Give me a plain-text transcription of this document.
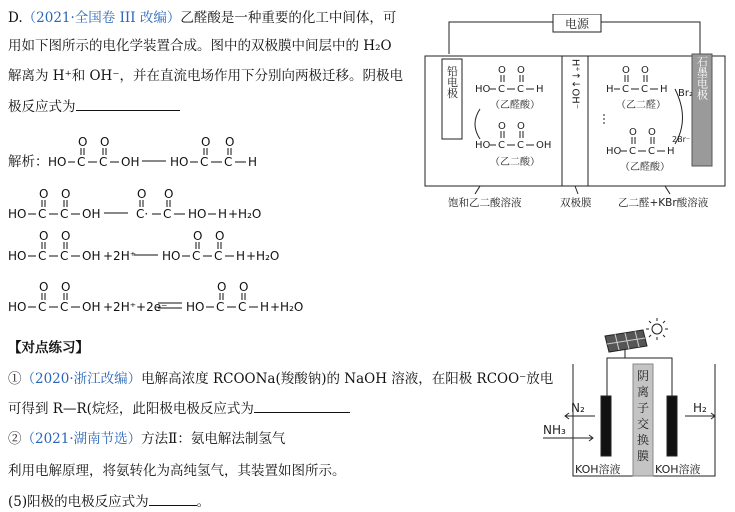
D.（2021·全国卷 III 改编）乙醛酸是一种重要的化工中间体，可
用如下图所示的电化学装置合成。图中的双极膜中间层中的 H₂O
解离为 H⁺和 OH⁻，并在直流电场作用下分别向两极迁移。阴极电
极反应式为
解析： HO C
O
C
O
OH	HO C
O
C
O
H
HO C
O
C
O
OH	C·
O
C
O
HO H +H₂O
HO C
O
C
O
OH +2H⁺ HO C
O
C
O
H +H₂O
HO C
O
C
O
OH +2H⁺+2e⁻ HO C
O
C
O
H +H₂O
电源
铅电极	石墨电极
H⁺↑↓OH⁻
HO C
O
C
O
H
（乙醛酸）
HO C
O
C
O
OH
（乙二酸）
H C
O
C
O
H
（乙二醛）
Br₂
2Br⁻
HO C
O
C
O
H
（乙醛酸）
饱和乙二酸溶液	双极膜	乙二醛+KBr酸溶液
【对点练习】
①（2020·浙江改编）电解高浓度 RCOONa(羧酸钠)的 NaOH 溶液，在阳极 RCOO⁻放电
可得到 R—R(烷烃，此阳极电极反应式为
②（2021·湖南节选）方法Ⅱ：氨电解法制氢气
利用电解原理，将氨转化为高纯氢气，其装置如图所示。
(5)阳极的电极反应式为	。
N₂
NH₃
H₂
阴
离
子
交
换
膜
KOH溶液	KOH溶液
